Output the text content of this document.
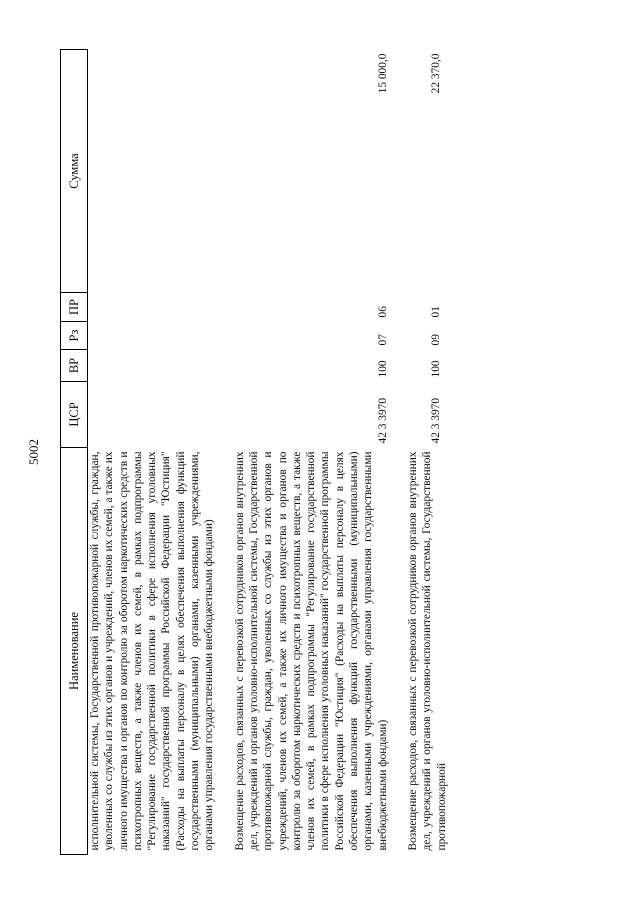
5002
Наименование	ЦСР	ВР	Рз	ПР	Сумма
исполнительной системы, Государственной противопожарной службы, граждан, уволенных со службы из этих органов и учреждений, членов их семей, а также их личного имущества и органов по контролю за оборотом наркотических средств и психотропных веществ, а также членов их семей, в рамках подпрограммы "Регулирование государственной политики в сфере исполнения уголовных наказаний" государственной программы Российской Федерации "Юстиция" (Расходы на выплаты персоналу в целях обеспечения выполнения функций государственными (муниципальными) органами, казенными учреждениями, органами управления государственными внебюджетными фондами)					
Возмещение расходов, связанных с перевозкой сотрудников органов внутренних дел, учреждений и органов уголовно-исполнительной системы, Государственной противопожарной службы, граждан, уволенных со службы из этих органов и учреждений, членов их семей, а также их личного имущества и органов по контролю за оборотом наркотических средств и психотропных веществ, а также членов их семей, в рамках подпрограммы "Регулирование государственной политики в сфере исполнения уголовных наказаний" государственной программы Российской Федерации "Юстиция" (Расходы на выплаты персоналу в целях обеспечения выполнения функций государственными (муниципальными) органами, казенными учреждениями, органами управления государственными внебюджетными фондами)	42 3 3970	100	07	06	15 000,0
Возмещение расходов, связанных с перевозкой сотрудников органов внутренних дел, учреждений и органов уголовно-исполнительной системы, Государственной противопожарной	42 3 3970	100	09	01	22 370,0
